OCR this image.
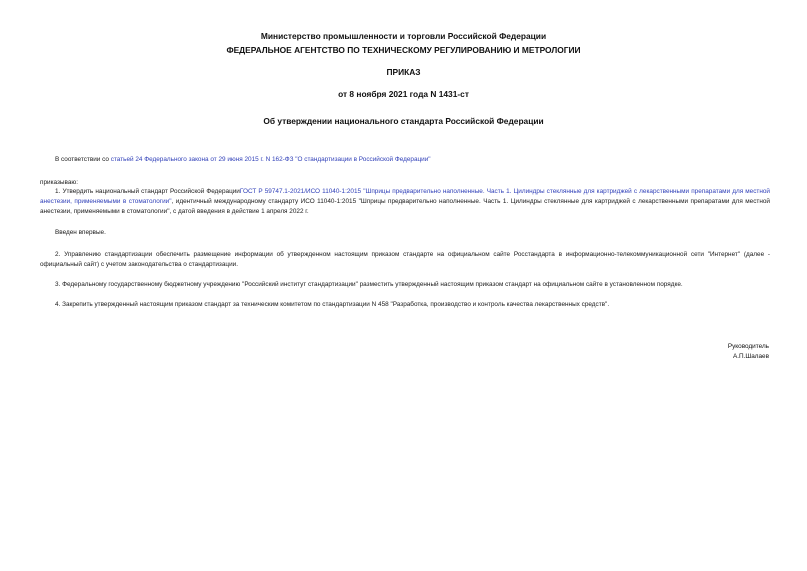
Министерство промышленности и торговли Российской Федерации
ФЕДЕРАЛЬНОЕ АГЕНТСТВО ПО ТЕХНИЧЕСКОМУ РЕГУЛИРОВАНИЮ И МЕТРОЛОГИИ
ПРИКАЗ
от 8 ноября 2021 года N 1431-ст
Об утверждении национального стандарта Российской Федерации
В соответствии со статьей 24 Федерального закона от 29 июня 2015 г. N 162-ФЗ "О стандартизации в Российской Федерации"
приказываю:
1. Утвердить национальный стандарт Российской ФедерацииГОСТ Р 59747.1-2021/ИСО 11040-1:2015 "Шприцы предварительно наполненные. Часть 1. Цилиндры стеклянные для картриджей с лекарственными препаратами для местной анестезии, применяемыми в стоматологии", идентичный международному стандарту ИСО 11040-1:2015 "Шприцы предварительно наполненные. Часть 1. Цилиндры стеклянные для картриджей с лекарственными препаратами для местной анестезии, применяемыми в стоматологии", с датой введения в действие 1 апреля 2022 г.
Введен впервые.
2. Управлению стандартизации обеспечить размещение информации об утвержденном настоящим приказом стандарте на официальном сайте Росстандарта в информационно-телекоммуникационной сети "Интернет" (далее - официальный сайт) с учетом законодательства о стандартизации.
3. Федеральному государственному бюджетному учреждению "Российский институт стандартизации" разместить утвержденный настоящим приказом стандарт на официальном сайте в установленном порядке.
4. Закрепить утвержденный настоящим приказом стандарт за техническим комитетом по стандартизации N 458 "Разработка, производство и контроль качества лекарственных средств".
Руководитель
А.П.Шалаев
